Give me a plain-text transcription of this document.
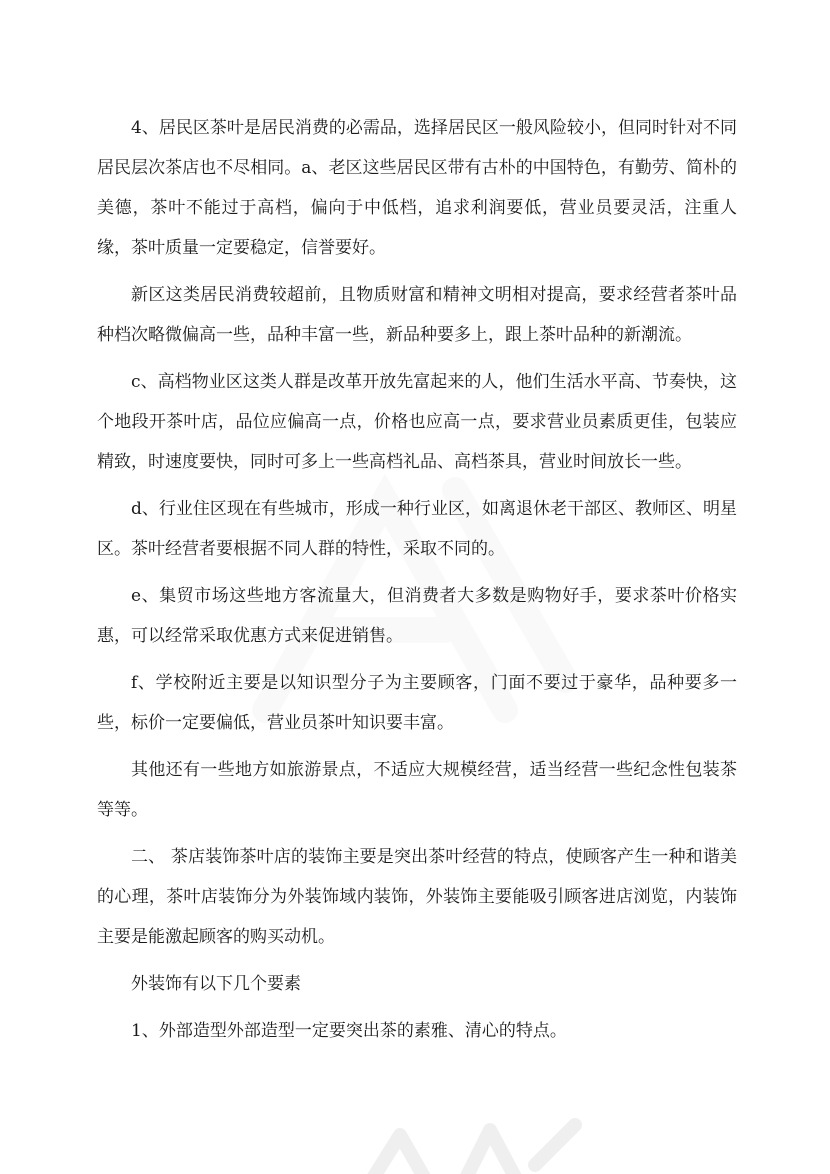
4、居民区茶叶是居民消费的必需品，选择居民区一般风险较小，但同时针对不同居民层次茶店也不尽相同。a、老区这些居民区带有古朴的中国特色，有勤劳、简朴的美德，茶叶不能过于高档，偏向于中低档，追求利润要低，营业员要灵活，注重人缘，茶叶质量一定要稳定，信誉要好。

新区这类居民消费较超前，且物质财富和精神文明相对提高，要求经营者茶叶品种档次略微偏高一些，品种丰富一些，新品种要多上，跟上茶叶品种的新潮流。

c、高档物业区这类人群是改革开放先富起来的人，他们生活水平高、节奏快，这个地段开茶叶店，品位应偏高一点，价格也应高一点，要求营业员素质更佳，包装应精致，时速度要快，同时可多上一些高档礼品、高档茶具，营业时间放长一些。

d、行业住区现在有些城市，形成一种行业区，如离退休老干部区、教师区、明星区。茶叶经营者要根据不同人群的特性，采取不同的。

e、集贸市场这些地方客流量大，但消费者大多数是购物好手，要求茶叶价格实惠，可以经常采取优惠方式来促进销售。

f、学校附近主要是以知识型分子为主要顾客，门面不要过于豪华，品种要多一些，标价一定要偏低，营业员茶叶知识要丰富。

其他还有一些地方如旅游景点，不适应大规模经营，适当经营一些纪念性包装茶等等。

二、 茶店装饰茶叶店的装饰主要是突出茶叶经营的特点，使顾客产生一种和谐美的心理，茶叶店装饰分为外装饰域内装饰，外装饰主要能吸引顾客进店浏览，内装饰主要是能激起顾客的购买动机。

外装饰有以下几个要素

1、外部造型外部造型一定要突出茶的素雅、清心的特点。
